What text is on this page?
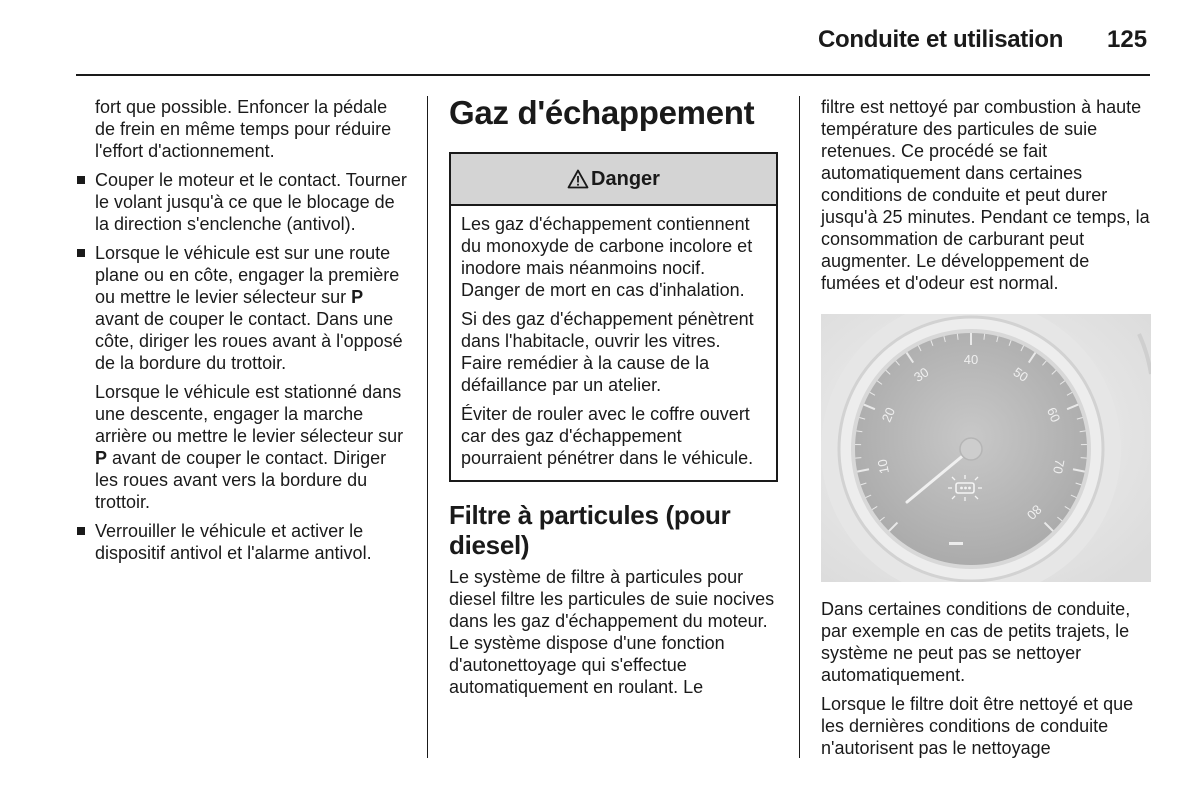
Conduite et utilisation 125

fort que possible. Enfoncer la pédale de frein en même temps pour réduire l'effort d'actionnement.

Couper le moteur et le contact. Tourner le volant jusqu'à ce que le blocage de la direction s'enclenche (antivol).
Lorsque le véhicule est sur une route plane ou en côte, engager la première ou mettre le levier sélecteur sur P avant de couper le contact. Dans une côte, diriger les roues avant à l'opposé de la bordure du trottoir.

Lorsque le véhicule est stationné dans une descente, engager la marche arrière ou mettre le levier sélecteur sur P avant de couper le contact. Diriger les roues avant vers la bordure du trottoir.

Verrouiller le véhicule et activer le dispositif antivol et l'alarme antivol.
Gaz d'échappement
Danger

Les gaz d'échappement contiennent du monoxyde de carbone incolore et inodore mais néanmoins nocif. Danger de mort en cas d'inhalation.

Si des gaz d'échappement pénètrent dans l'habitacle, ouvrir les vitres. Faire remédier à la cause de la défaillance par un atelier.

Éviter de rouler avec le coffre ouvert car des gaz d'échappement pourraient pénétrer dans le véhicule.

Filtre à particules (pour diesel)

Le système de filtre à particules pour diesel filtre les particules de suie nocives dans les gaz d'échappement du moteur. Le système dispose d'une fonction d'autonettoyage qui s'effectue automatiquement en roulant. Le

filtre est nettoyé par combustion à haute température des particules de suie retenues. Ce procédé se fait automatiquement dans certaines conditions de conduite et peut durer jusqu'à 25 minutes. Pendant ce temps, la consommation de carburant peut augmenter. Le développement de fumées et d'odeur est normal.

10
20
30
40
50
60
70
80

Dans certaines conditions de conduite, par exemple en cas de petits trajets, le système ne peut pas se nettoyer automatiquement.

Lorsque le filtre doit être nettoyé et que les dernières conditions de conduite n'autorisent pas le nettoyage
